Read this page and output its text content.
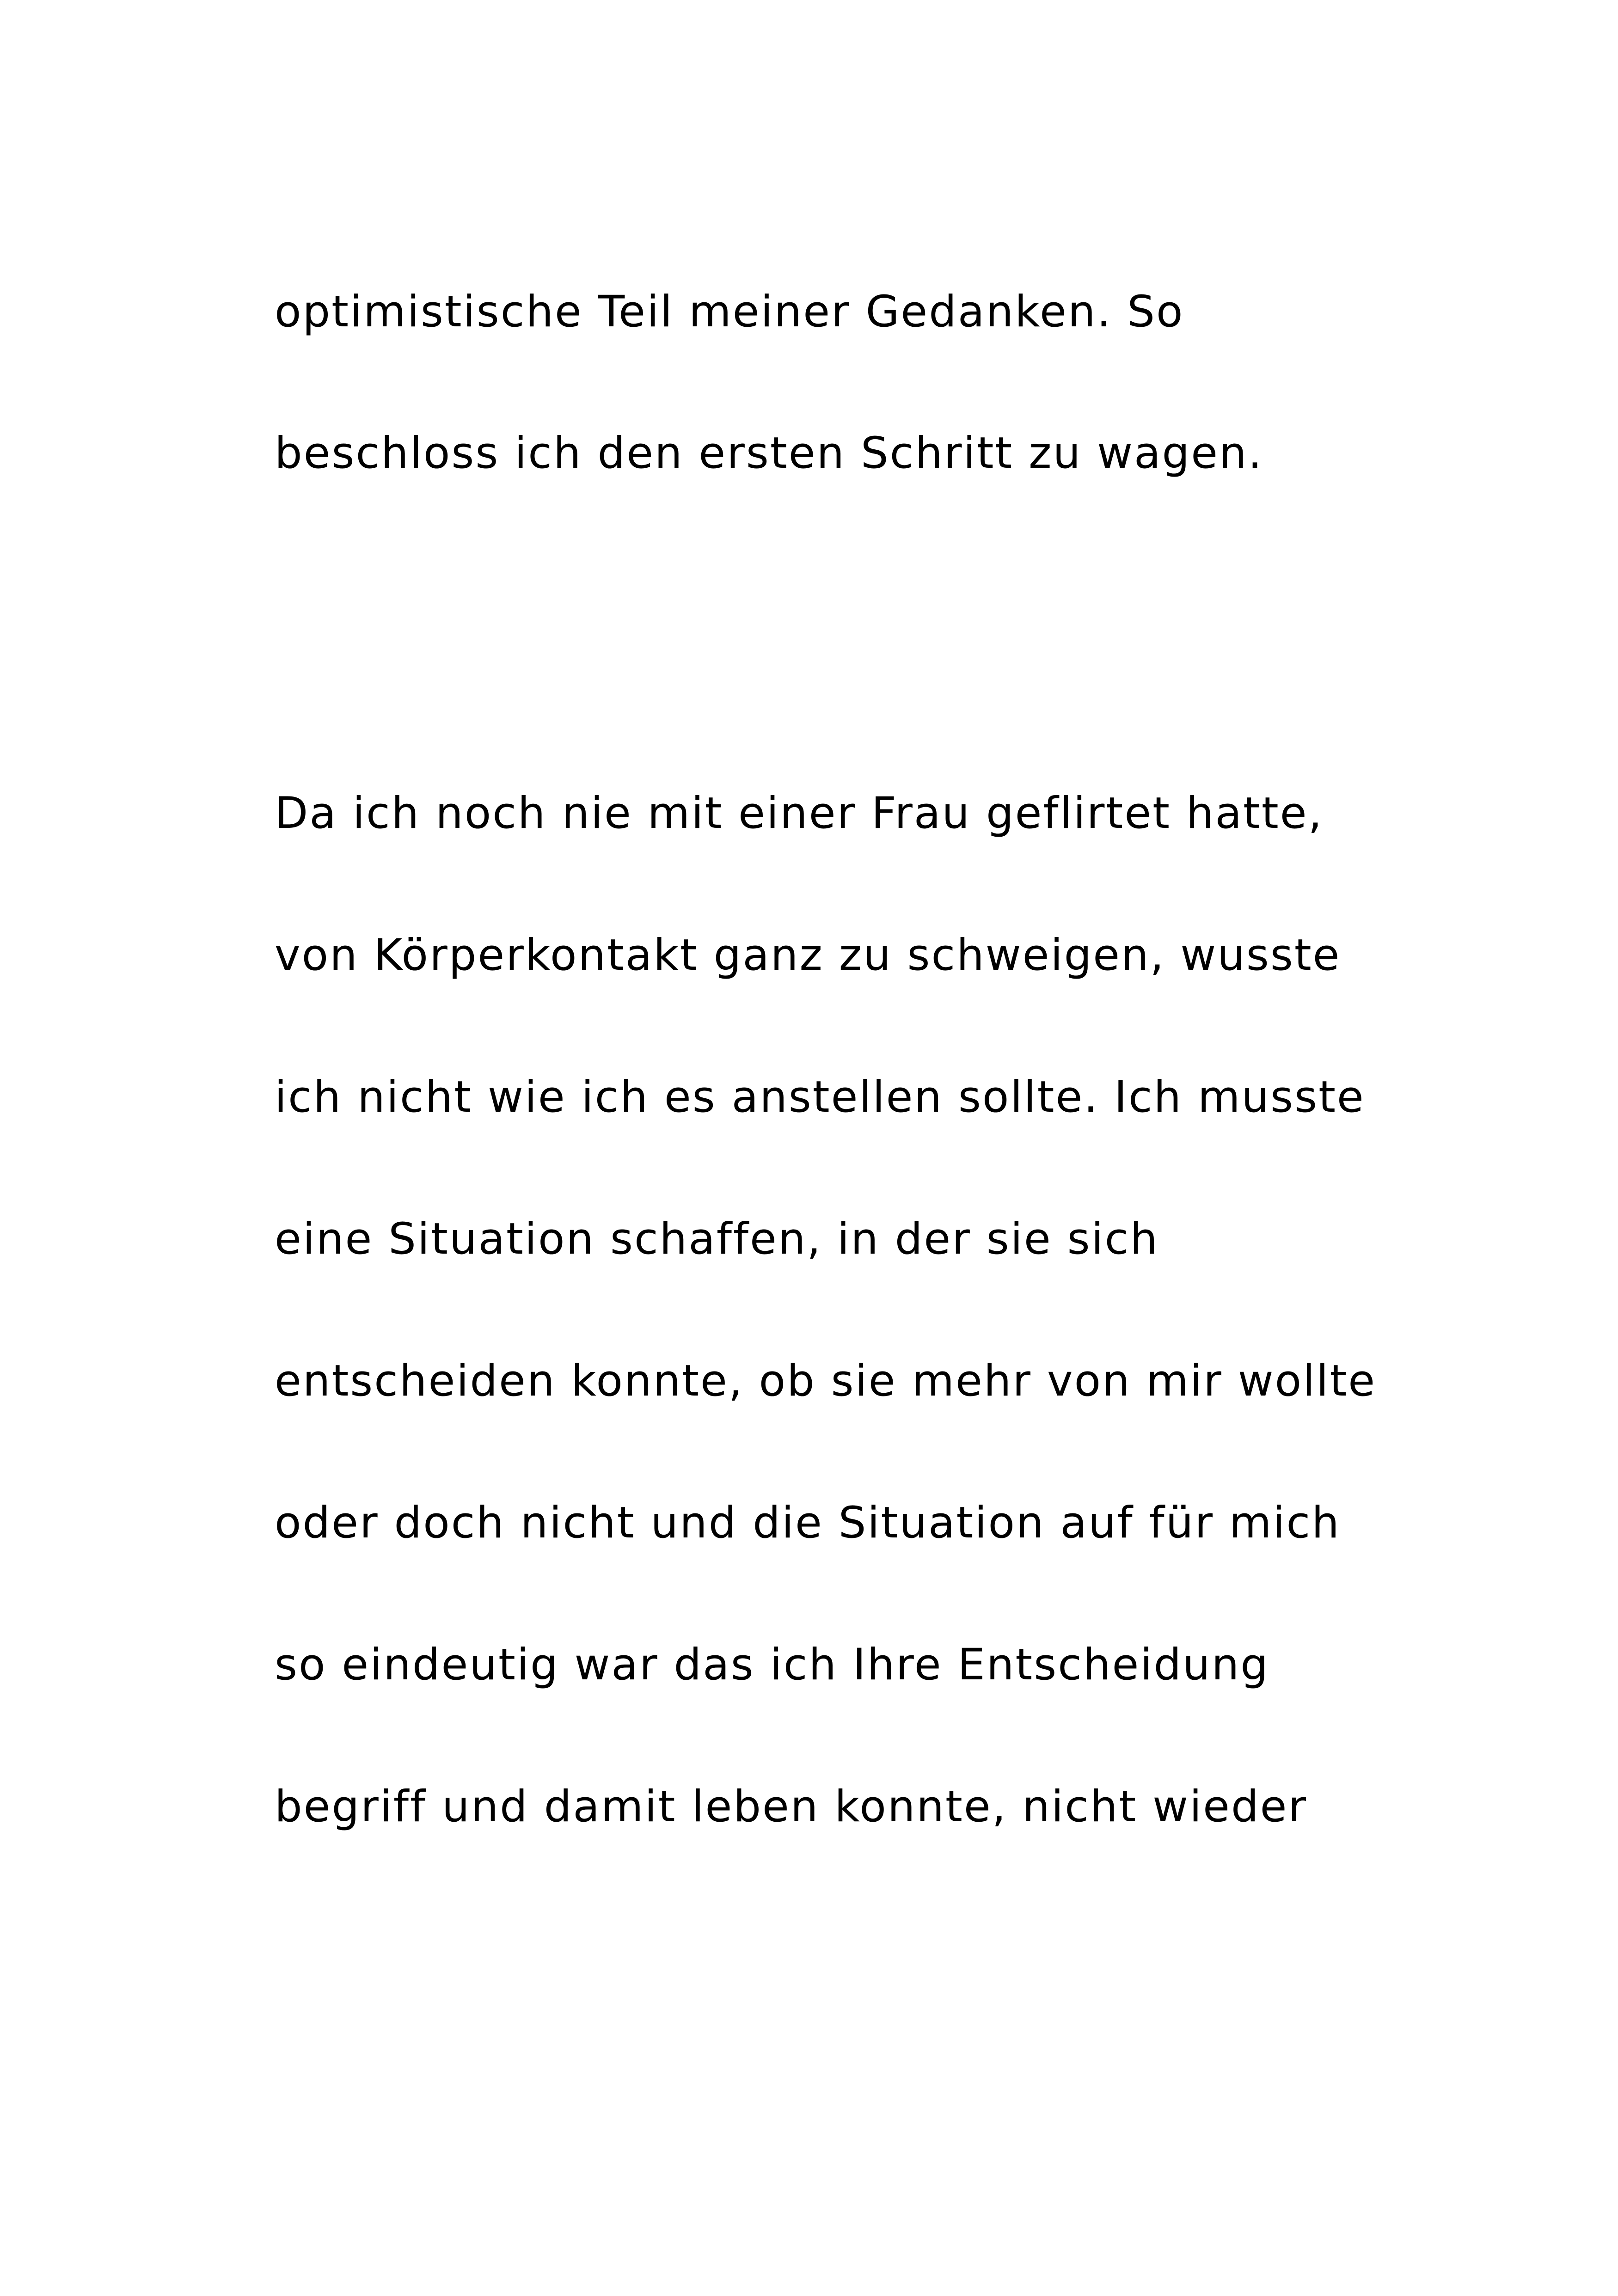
optimistische Teil meiner Gedanken. So

beschloss ich den ersten Schritt zu wagen.

Da ich noch nie mit einer Frau geflirtet hatte,

von Körperkontakt ganz zu schweigen, wusste

ich nicht wie ich es anstellen sollte. Ich musste

eine Situation schaffen, in der sie sich

entscheiden konnte, ob sie mehr von mir wollte

oder doch nicht und die Situation auf für mich

so eindeutig war das ich Ihre Entscheidung

begriff und damit leben konnte, nicht wieder
